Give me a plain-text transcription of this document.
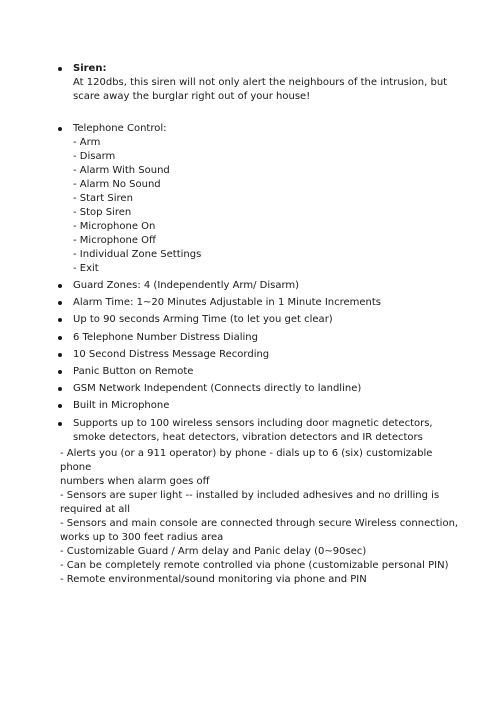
Siren:
At 120dbs, this siren will not only alert the neighbours of the intrusion, but
scare away the burglar right out of your house!
Telephone Control:
- Arm
- Disarm
- Alarm With Sound
- Alarm No Sound
- Start Siren
- Stop Siren
- Microphone On
- Microphone Off
- Individual Zone Settings
- Exit
Guard Zones: 4 (Independently Arm/ Disarm)
Alarm Time: 1~20 Minutes Adjustable in 1 Minute Increments
Up to 90 seconds Arming Time (to let you get clear)
6 Telephone Number Distress Dialing
10 Second Distress Message Recording
Panic Button on Remote
GSM Network Independent (Connects directly to landline)
Built in Microphone
Supports up to 100 wireless sensors including door magnetic detectors,
smoke detectors, heat detectors, vibration detectors and IR detectors
- Alerts you (or a 911 operator) by phone - dials up to 6 (six) customizable phone
numbers when alarm goes off
- Sensors are super light -- installed by included adhesives and no drilling is
required at all
- Sensors and main console are connected through secure Wireless connection,
works up to 300 feet radius area
- Customizable Guard / Arm delay and Panic delay (0~90sec)
- Can be completely remote controlled via phone (customizable personal PIN)
- Remote environmental/sound monitoring via phone and PIN
